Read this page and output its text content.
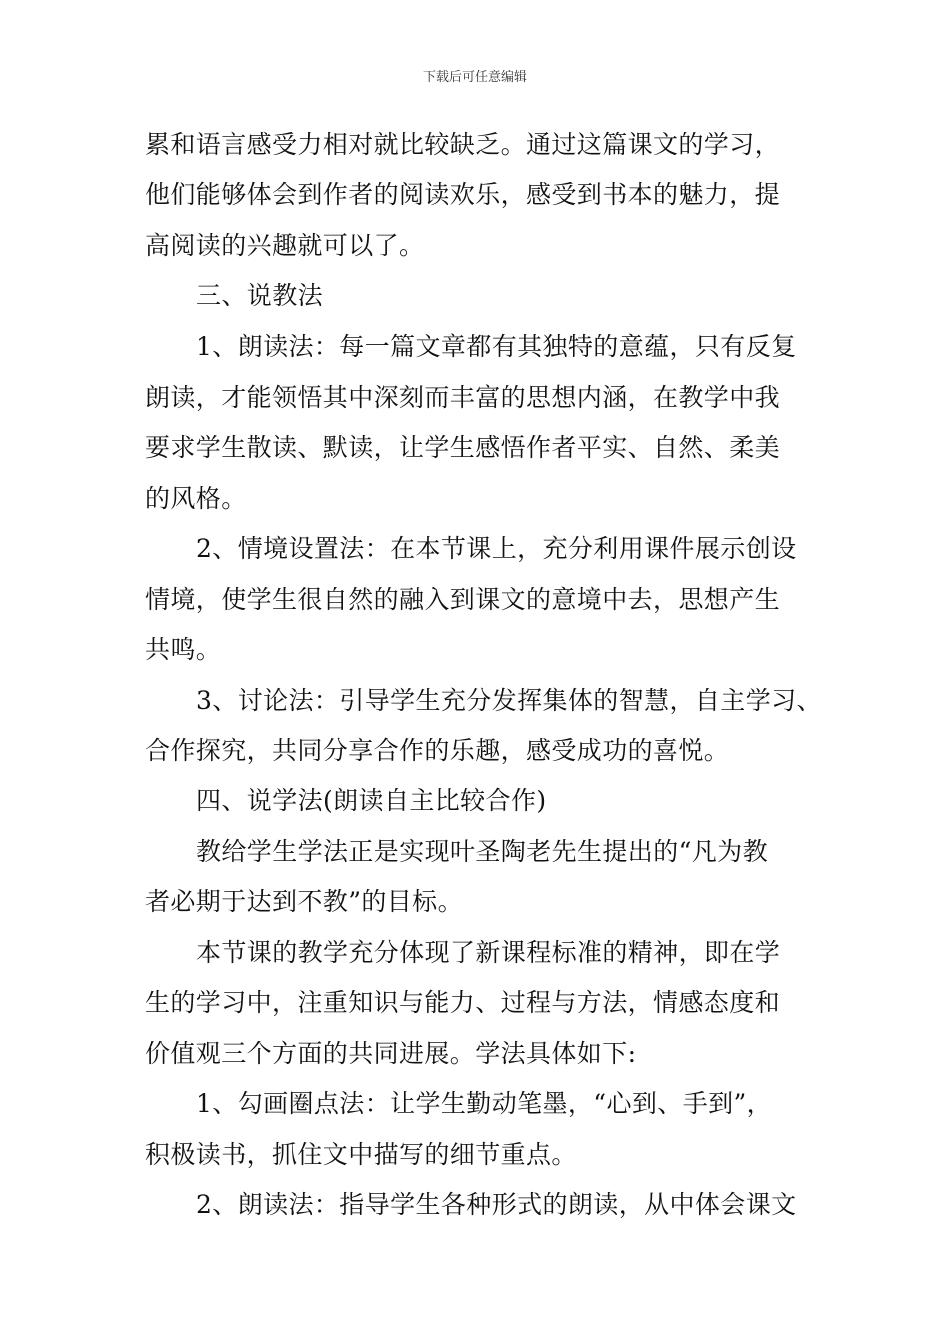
下载后可任意编辑
累和语言感受力相对就比较缺乏。通过这篇课文的学习，
他们能够体会到作者的阅读欢乐，感受到书本的魅力，提
高阅读的兴趣就可以了。
三、说教法
1、朗读法：每一篇文章都有其独特的意蕴，只有反复
朗读，才能领悟其中深刻而丰富的思想内涵，在教学中我
要求学生散读、默读，让学生感悟作者平实、自然、柔美
的风格。
2、情境设置法：在本节课上，充分利用课件展示创设
情境，使学生很自然的融入到课文的意境中去，思想产生
共鸣。
3、讨论法：引导学生充分发挥集体的智慧，自主学习、
合作探究，共同分享合作的乐趣，感受成功的喜悦。
四、说学法(朗读自主比较合作)
教给学生学法正是实现叶圣陶老先生提出的“凡为教
者必期于达到不教”的目标。
本节课的教学充分体现了新课程标准的精神，即在学
生的学习中，注重知识与能力、过程与方法，情感态度和
价值观三个方面的共同进展。学法具体如下:
1、勾画圈点法：让学生勤动笔墨，“心到、手到”，
积极读书，抓住文中描写的细节重点。
2、朗读法：指导学生各种形式的朗读，从中体会课文
